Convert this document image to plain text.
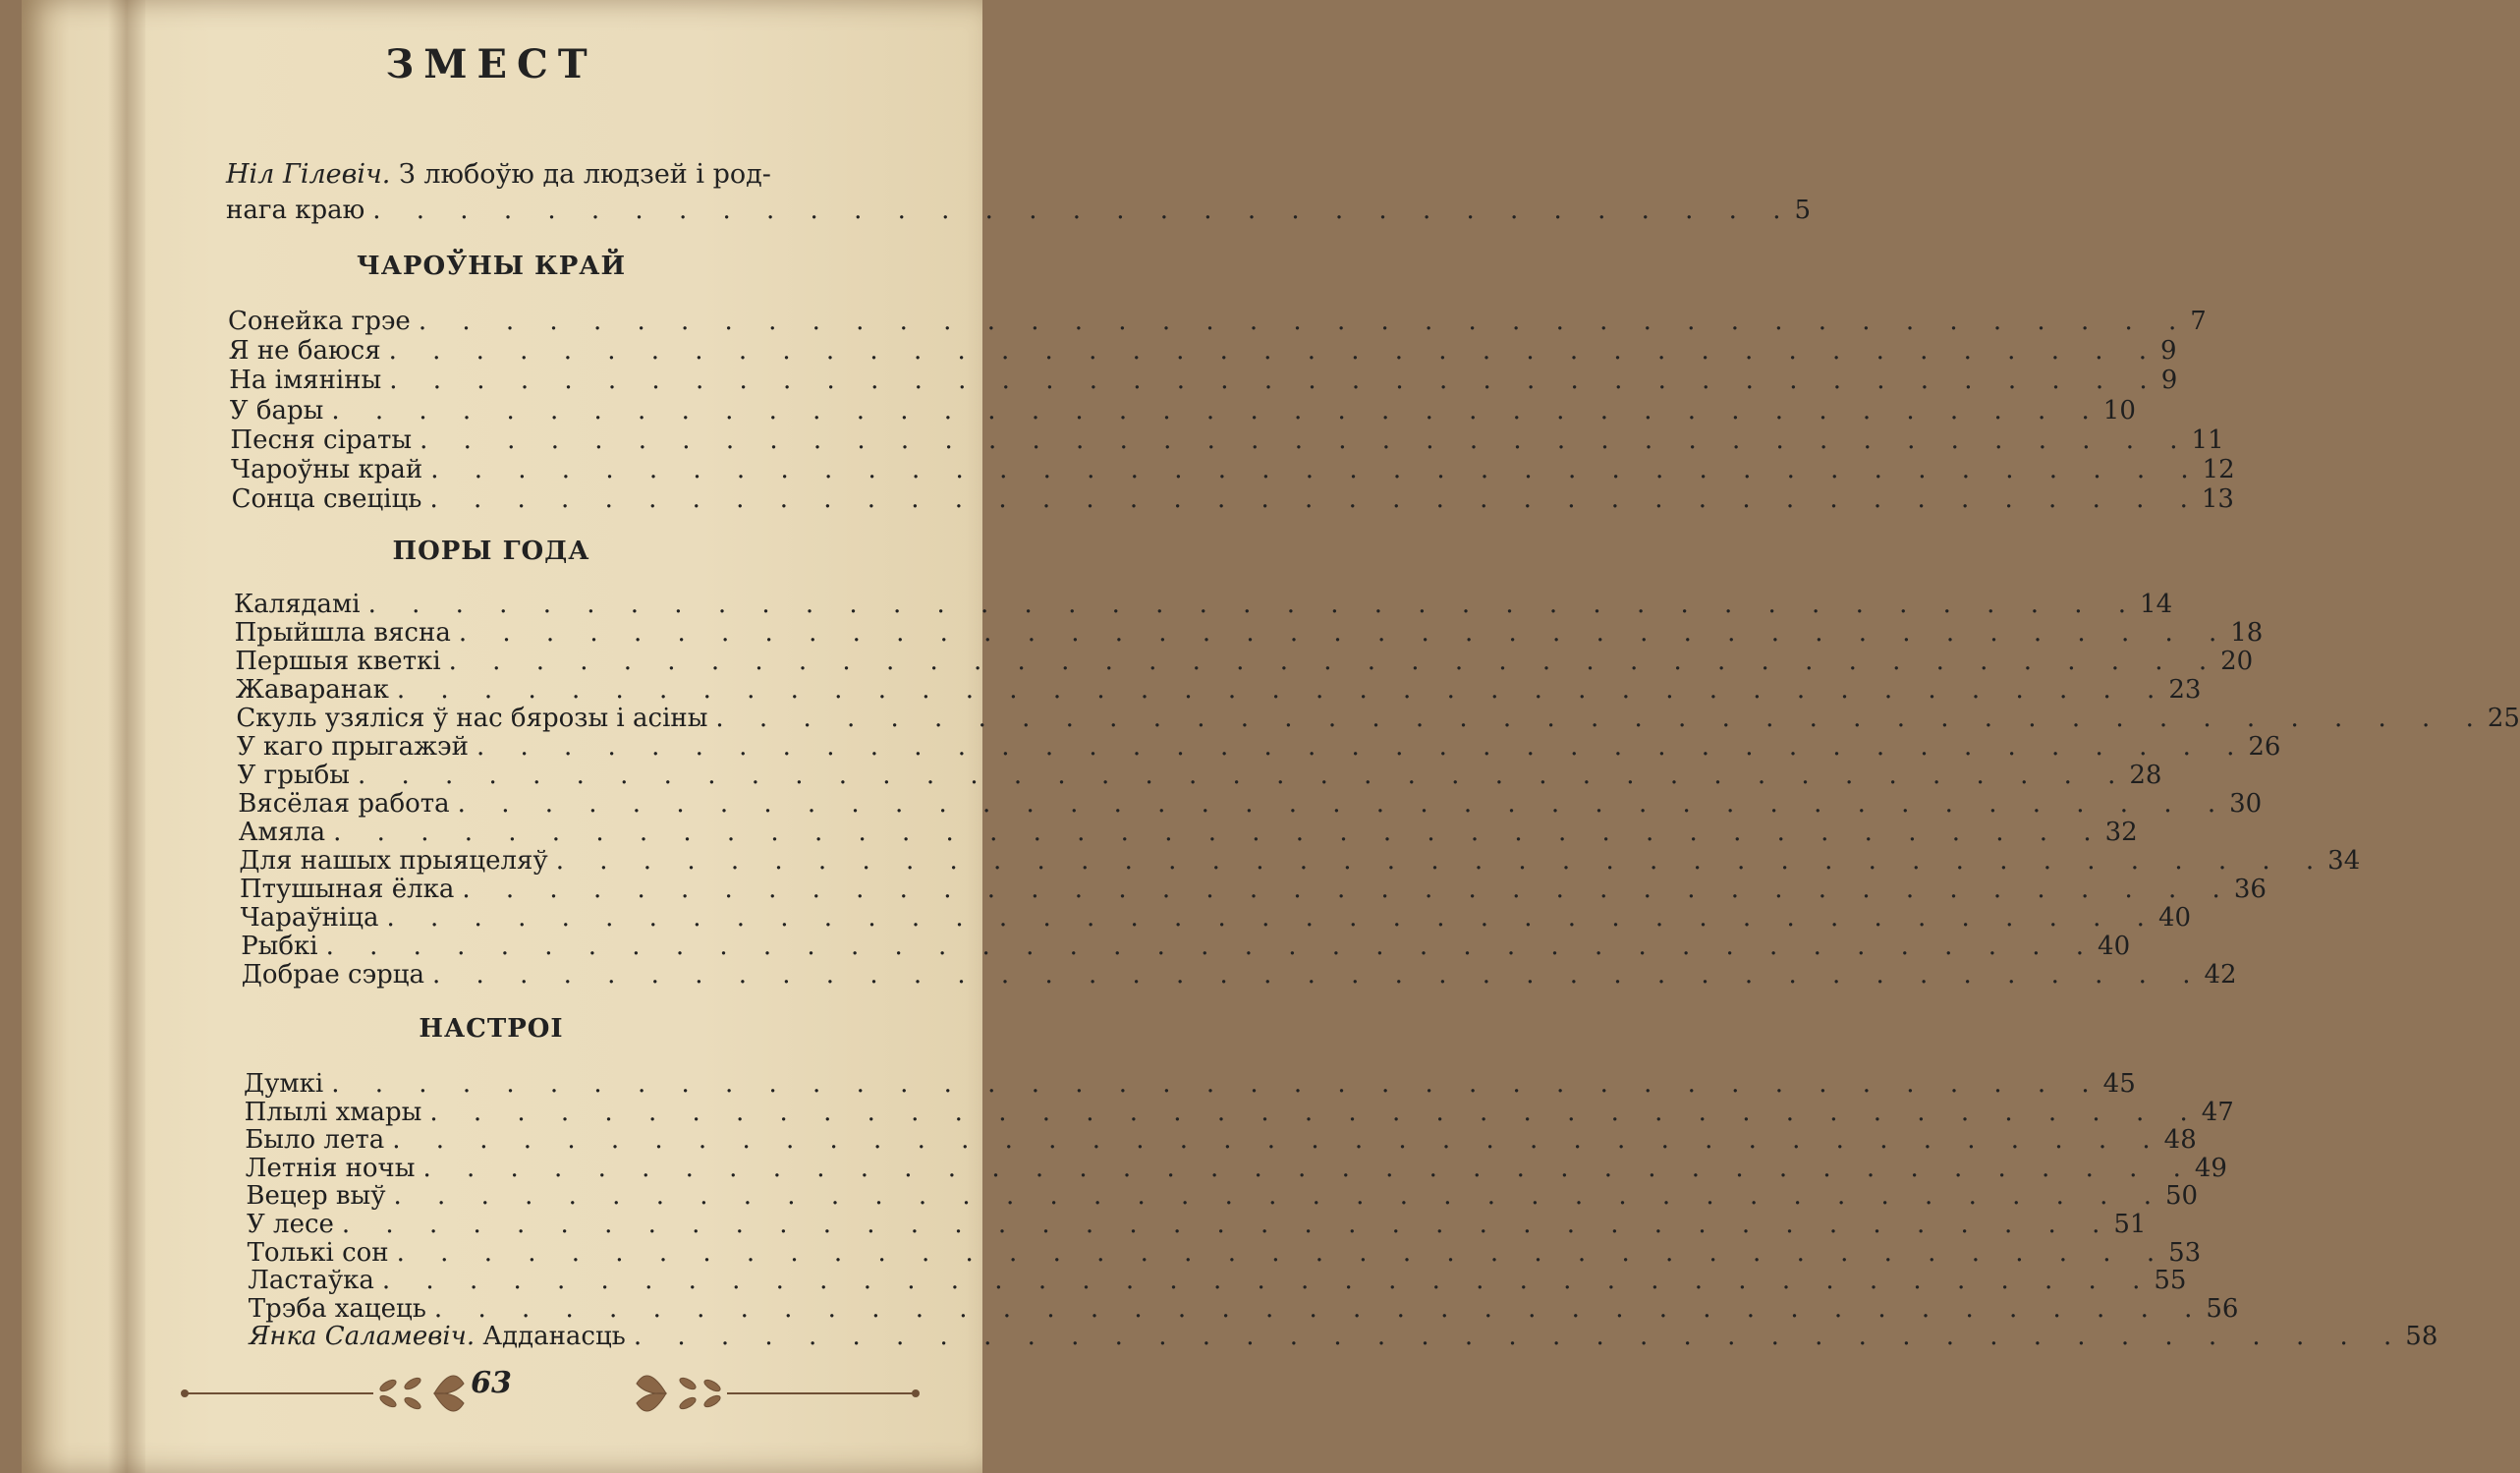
ЗМЕСТ
Ніл Гілевіч. З любоўю да людзей і род-
нага краю . . . . . . . . . . . . . . . . . . . . . . . . . . . . . . . . . 5
ЧАРОЎНЫ КРАЙ
Сонейка грэе . . . . . . . . . . . . . . . . . . . . . . . . . . . . . . . . . . . . . . . . . 7
Я не баюся . . . . . . . . . . . . . . . . . . . . . . . . . . . . . . . . . . . . . . . . . 9
На імяніны . . . . . . . . . . . . . . . . . . . . . . . . . . . . . . . . . . . . . . . . . 9
У бары . . . . . . . . . . . . . . . . . . . . . . . . . . . . . . . . . . . . . . . . . 10
Песня сіраты . . . . . . . . . . . . . . . . . . . . . . . . . . . . . . . . . . . . . . . . . 11
Чароўны край . . . . . . . . . . . . . . . . . . . . . . . . . . . . . . . . . . . . . . . . . 12
Сонца свеціць . . . . . . . . . . . . . . . . . . . . . . . . . . . . . . . . . . . . . . . . . 13
ПОРЫ ГОДА
Калядамі . . . . . . . . . . . . . . . . . . . . . . . . . . . . . . . . . . . . . . . . . 14
Прыйшла вясна . . . . . . . . . . . . . . . . . . . . . . . . . . . . . . . . . . . . . . . . . 18
Першыя кветкі . . . . . . . . . . . . . . . . . . . . . . . . . . . . . . . . . . . . . . . . . 20
Жаваранак . . . . . . . . . . . . . . . . . . . . . . . . . . . . . . . . . . . . . . . . . 23
Скуль узяліся ў нас бярозы і асіны . . . . . . . . . . . . . . . . . . . . . . . . . . . . . . . . . . . . . . . . . 25
У каго прыгажэй . . . . . . . . . . . . . . . . . . . . . . . . . . . . . . . . . . . . . . . . . 26
У грыбы . . . . . . . . . . . . . . . . . . . . . . . . . . . . . . . . . . . . . . . . . 28
Вясёлая работа . . . . . . . . . . . . . . . . . . . . . . . . . . . . . . . . . . . . . . . . . 30
Амяла . . . . . . . . . . . . . . . . . . . . . . . . . . . . . . . . . . . . . . . . . 32
Для нашых прыяцеляў . . . . . . . . . . . . . . . . . . . . . . . . . . . . . . . . . . . . . . . . . 34
Птушыная ёлка . . . . . . . . . . . . . . . . . . . . . . . . . . . . . . . . . . . . . . . . . 36
Чараўніца . . . . . . . . . . . . . . . . . . . . . . . . . . . . . . . . . . . . . . . . . 40
Рыбкі . . . . . . . . . . . . . . . . . . . . . . . . . . . . . . . . . . . . . . . . . 40
Добрае сэрца . . . . . . . . . . . . . . . . . . . . . . . . . . . . . . . . . . . . . . . . . 42
НАСТРОІ
Думкі . . . . . . . . . . . . . . . . . . . . . . . . . . . . . . . . . . . . . . . . . 45
Плылі хмары . . . . . . . . . . . . . . . . . . . . . . . . . . . . . . . . . . . . . . . . . 47
Было лета . . . . . . . . . . . . . . . . . . . . . . . . . . . . . . . . . . . . . . . . . 48
Летнія ночы . . . . . . . . . . . . . . . . . . . . . . . . . . . . . . . . . . . . . . . . . 49
Вецер выў . . . . . . . . . . . . . . . . . . . . . . . . . . . . . . . . . . . . . . . . . 50
У лесе . . . . . . . . . . . . . . . . . . . . . . . . . . . . . . . . . . . . . . . . . 51
Толькі сон . . . . . . . . . . . . . . . . . . . . . . . . . . . . . . . . . . . . . . . . . 53
Ластаўка . . . . . . . . . . . . . . . . . . . . . . . . . . . . . . . . . . . . . . . . . 55
Трэба хацець . . . . . . . . . . . . . . . . . . . . . . . . . . . . . . . . . . . . . . . . . 56
Янка Саламевіч. Адданасць . . . . . . . . . . . . . . . . . . . . . . . . . . . . . . . . . . . . . . . . . 58
63
